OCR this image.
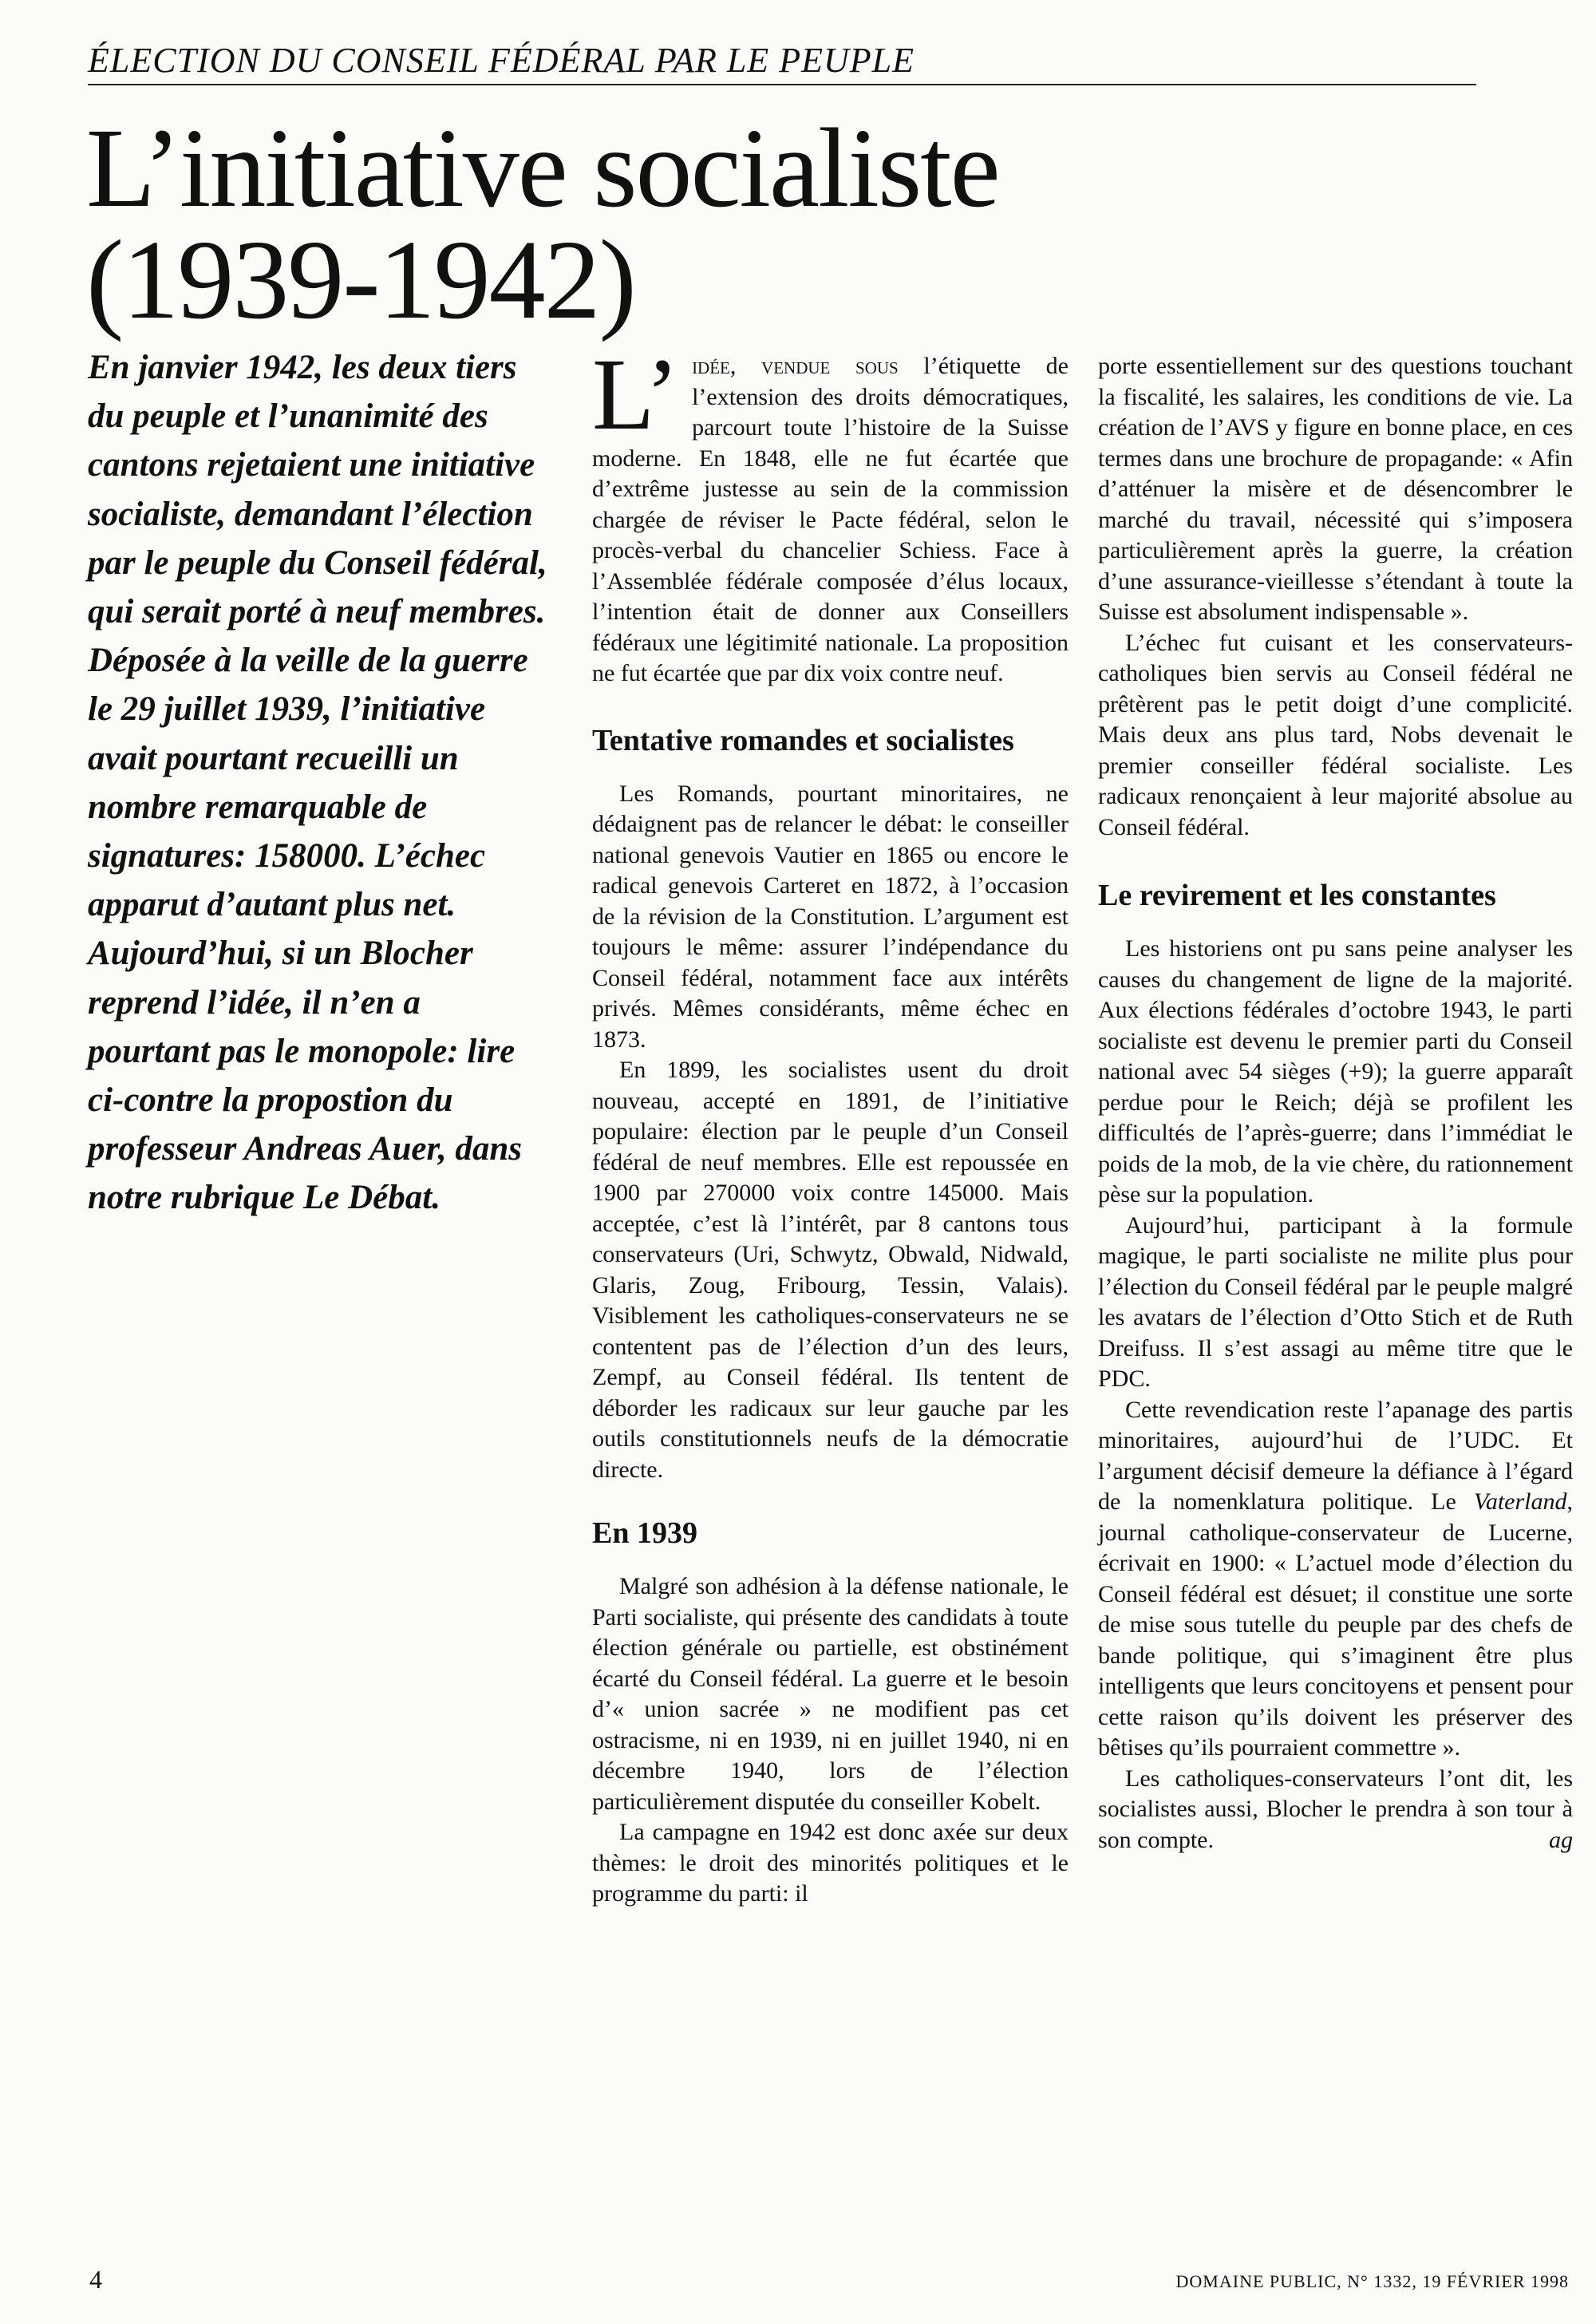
ÉLECTION DU CONSEIL FÉDÉRAL PAR LE PEUPLE
L’initiative socialiste
(1939-1942)
En janvier 1942, les deux tiers du peuple et l’unanimité des cantons rejetaient une initiative socialiste, demandant l’élection par le peuple du Conseil fédéral, qui serait porté à neuf membres. Déposée à la veille de la guerre le 29 juillet 1939, l’initiative avait pourtant recueilli un nombre remarquable de signatures: 158000. L’échec apparut d’autant plus net. Aujourd’hui, si un Blocher reprend l’idée, il n’en a pourtant pas le monopole: lire ci-contre la propostion du professeur Andreas Auer, dans notre rubrique Le Débat.

L’ idée, vendue sous l’étiquette de l’extension des droits démocratiques, parcourt toute l’histoire de la Suisse moderne. En 1848, elle ne fut écartée que d’extrême justesse au sein de la commission chargée de réviser le Pacte fédéral, selon le procès-verbal du chancelier Schiess. Face à l’Assemblée fédérale composée d’élus locaux, l’intention était de donner aux Conseillers fédéraux une légitimité nationale. La proposition ne fut écartée que par dix voix contre neuf.

Tentative romandes et socialistes

Les Romands, pourtant minoritaires, ne dédaignent pas de relancer le débat: le conseiller national genevois Vautier en 1865 ou encore le radical genevois Carteret en 1872, à l’occasion de la révision de la Constitution. L’argument est toujours le même: assurer l’indépendance du Conseil fédéral, notamment face aux intérêts privés. Mêmes considérants, même échec en 1873.

En 1899, les socialistes usent du droit nouveau, accepté en 1891, de l’initiative populaire: élection par le peuple d’un Conseil fédéral de neuf membres. Elle est repoussée en 1900 par 270000 voix contre 145000. Mais acceptée, c’est là l’intérêt, par 8 cantons tous conservateurs (Uri, Schwytz, Obwald, Nidwald, Glaris, Zoug, Fribourg, Tessin, Valais). Visiblement les catholiques-conservateurs ne se contentent pas de l’élection d’un des leurs, Zempf, au Conseil fédéral. Ils tentent de déborder les radicaux sur leur gauche par les outils constitutionnels neufs de la démocratie directe.

En 1939

Malgré son adhésion à la défense nationale, le Parti socialiste, qui présente des candidats à toute élection générale ou partielle, est obstinément écarté du Conseil fédéral. La guerre et le besoin d’« union sacrée » ne modifient pas cet ostracisme, ni en 1939, ni en juillet 1940, ni en décembre 1940, lors de l’élection particulièrement disputée du conseiller Kobelt.

La campagne en 1942 est donc axée sur deux thèmes: le droit des minorités politiques et le programme du parti: il

porte essentiellement sur des questions touchant la fiscalité, les salaires, les conditions de vie. La création de l’AVS y figure en bonne place, en ces termes dans une brochure de propagande: « Afin d’atténuer la misère et de désencombrer le marché du travail, nécessité qui s’imposera particulièrement après la guerre, la création d’une assurance-vieillesse s’étendant à toute la Suisse est absolument indispensable ».

L’échec fut cuisant et les conservateurs-catholiques bien servis au Conseil fédéral ne prêtèrent pas le petit doigt d’une complicité. Mais deux ans plus tard, Nobs devenait le premier conseiller fédéral socialiste. Les radicaux renonçaient à leur majorité absolue au Conseil fédéral.

Le revirement et les constantes

Les historiens ont pu sans peine analyser les causes du changement de ligne de la majorité. Aux élections fédérales d’octobre 1943, le parti socialiste est devenu le premier parti du Conseil national avec 54 sièges (+9); la guerre apparaît perdue pour le Reich; déjà se profilent les difficultés de l’après-guerre; dans l’immédiat le poids de la mob, de la vie chère, du rationnement pèse sur la population.

Aujourd’hui, participant à la formule magique, le parti socialiste ne milite plus pour l’élection du Conseil fédéral par le peuple malgré les avatars de l’élection d’Otto Stich et de Ruth Dreifuss. Il s’est assagi au même titre que le PDC.

Cette revendication reste l’apanage des partis minoritaires, aujourd’hui de l’UDC. Et l’argument décisif demeure la défiance à l’égard de la nomenklatura politique. Le Vaterland, journal catholique-conservateur de Lucerne, écrivait en 1900: « L’actuel mode d’élection du Conseil fédéral est désuet; il constitue une sorte de mise sous tutelle du peuple par des chefs de bande politique, qui s’imaginent être plus intelligents que leurs concitoyens et pensent pour cette raison qu’ils doivent les préserver des bêtises qu’ils pourraient commettre ».

Les catholiques-conservateurs l’ont dit, les socialistes aussi, Blocher le prendra à son tour à son compte.	ag

4	DOMAINE PUBLIC, N° 1332, 19 FÉVRIER 1998
